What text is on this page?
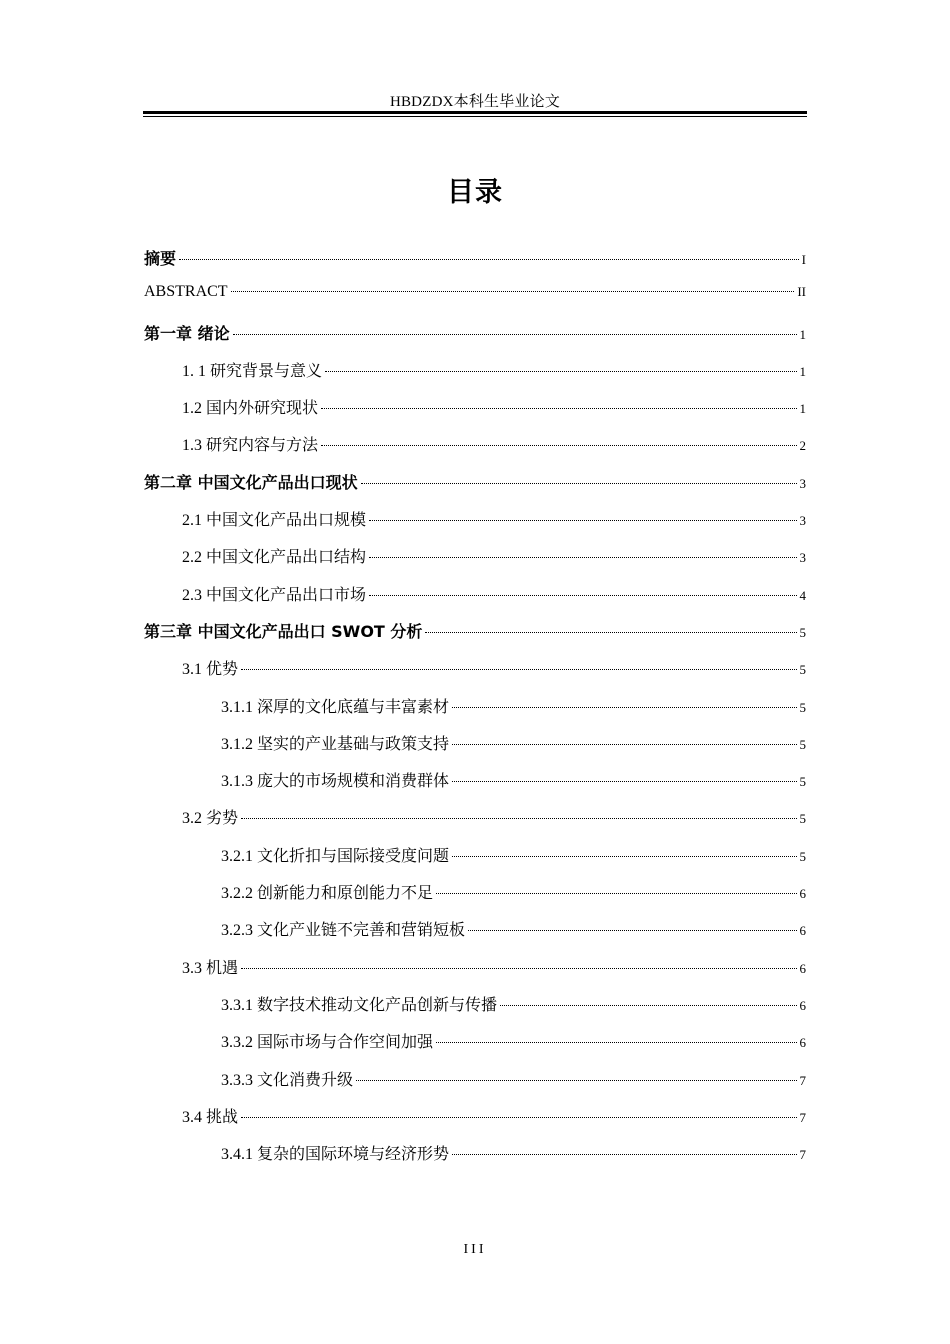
HBDZDX本科生毕业论文
目录
摘要	I
ABSTRACT	II
第一章 绪论	1
1. 1 研究背景与意义	1
1.2 国内外研究现状	1
1.3 研究内容与方法	2
第二章 中国文化产品出口现状	3
2.1 中国文化产品出口规模	3
2.2 中国文化产品出口结构	3
2.3 中国文化产品出口市场	4
第三章 中国文化产品出口 SWOT 分析	5
3.1 优势	5
3.1.1 深厚的文化底蕴与丰富素材	5
3.1.2 坚实的产业基础与政策支持	5
3.1.3 庞大的市场规模和消费群体	5
3.2 劣势	5
3.2.1 文化折扣与国际接受度问题	5
3.2.2 创新能力和原创能力不足	6
3.2.3 文化产业链不完善和营销短板	6
3.3 机遇	6
3.3.1 数字技术推动文化产品创新与传播	6
3.3.2 国际市场与合作空间加强	6
3.3.3 文化消费升级	7
3.4 挑战	7
3.4.1 复杂的国际环境与经济形势	7
III
